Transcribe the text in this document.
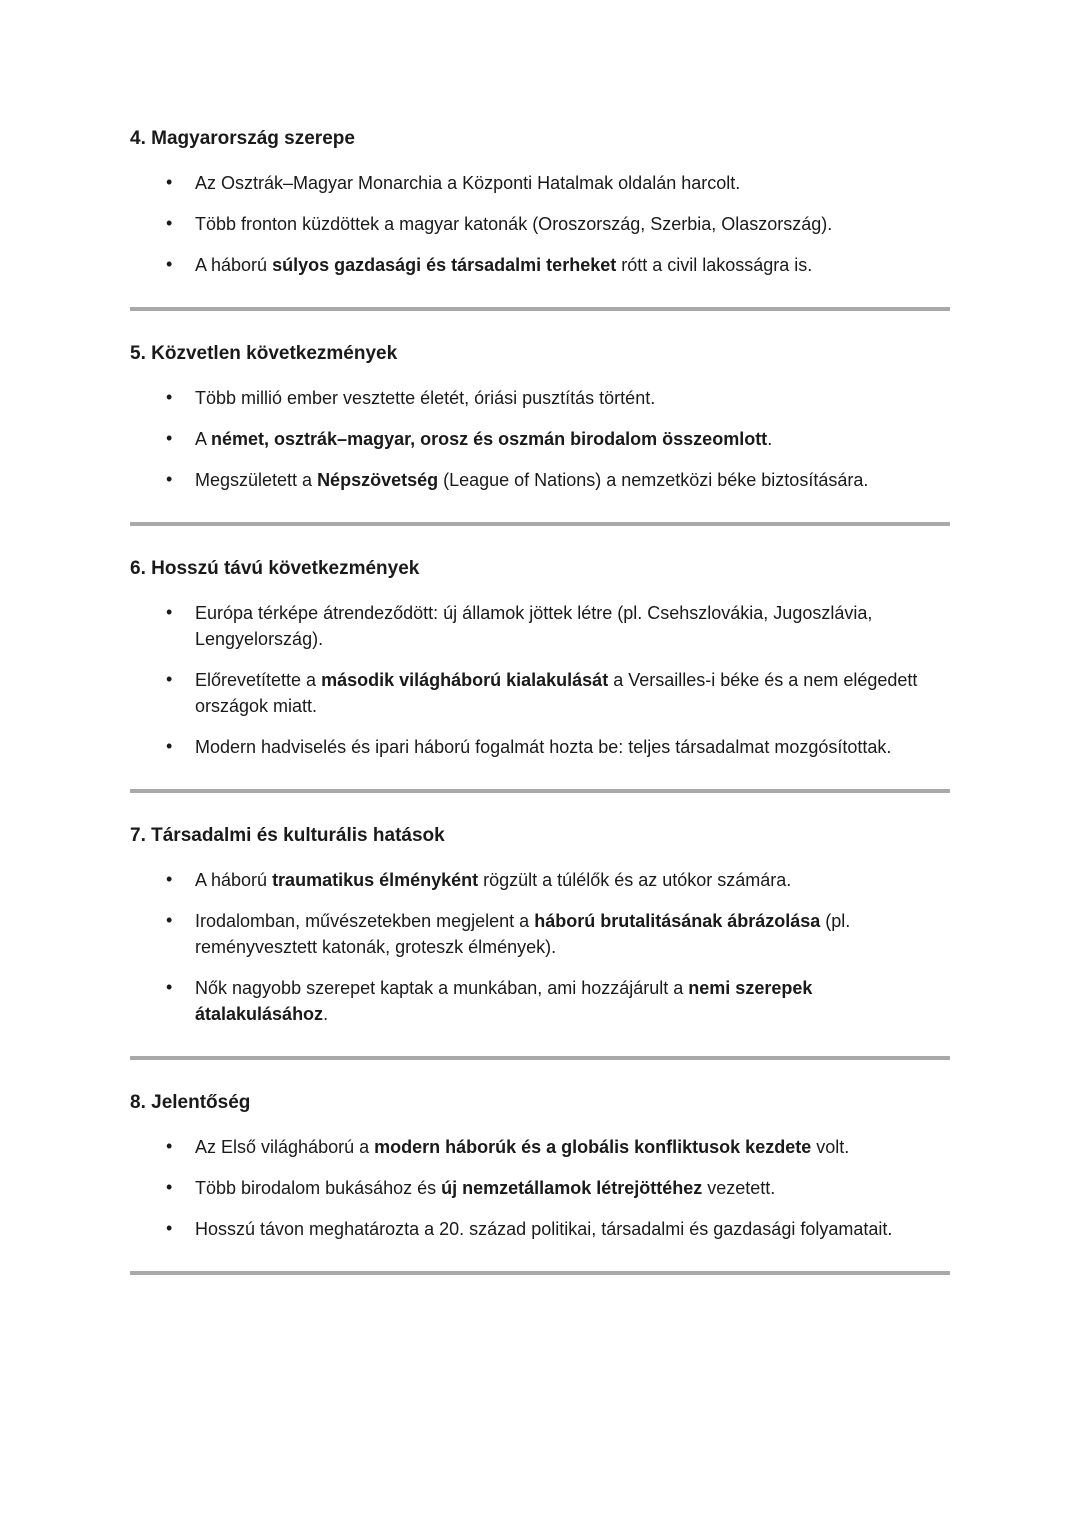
4. Magyarország szerepe
• Az Osztrák–Magyar Monarchia a Központi Hatalmak oldalán harcolt.
• Több fronton küzdöttek a magyar katonák (Oroszország, Szerbia, Olaszország).
• A háború súlyos gazdasági és társadalmi terheket rótt a civil lakosságra is.
5. Közvetlen következmények
• Több millió ember vesztette életét, óriási pusztítás történt.
• A német, osztrák–magyar, orosz és oszmán birodalom összeomlott.
• Megszületett a Népszövetség (League of Nations) a nemzetközi béke biztosítására.
6. Hosszú távú következmények
• Európa térképe átrendeződött: új államok jöttek létre (pl. Csehszlovákia, Jugoszlávia, Lengyelország).
• Előrevetítette a második világháború kialakulását a Versailles-i béke és a nem elégedett országok miatt.
• Modern hadviselés és ipari háború fogalmát hozta be: teljes társadalmat mozgósítottak.
7. Társadalmi és kulturális hatások
• A háború traumatikus élményként rögzült a túlélők és az utókor számára.
• Irodalomban, művészetekben megjelent a háború brutalitásának ábrázolása (pl. reményvesztett katonák, groteszk élmények).
• Nők nagyobb szerepet kaptak a munkában, ami hozzájárult a nemi szerepek átalakulásához.
8. Jelentőség
• Az Első világháború a modern háborúk és a globális konfliktusok kezdete volt.
• Több birodalom bukásához és új nemzetállamok létrejöttéhez vezetett.
• Hosszú távon meghatározta a 20. század politikai, társadalmi és gazdasági folyamatait.
